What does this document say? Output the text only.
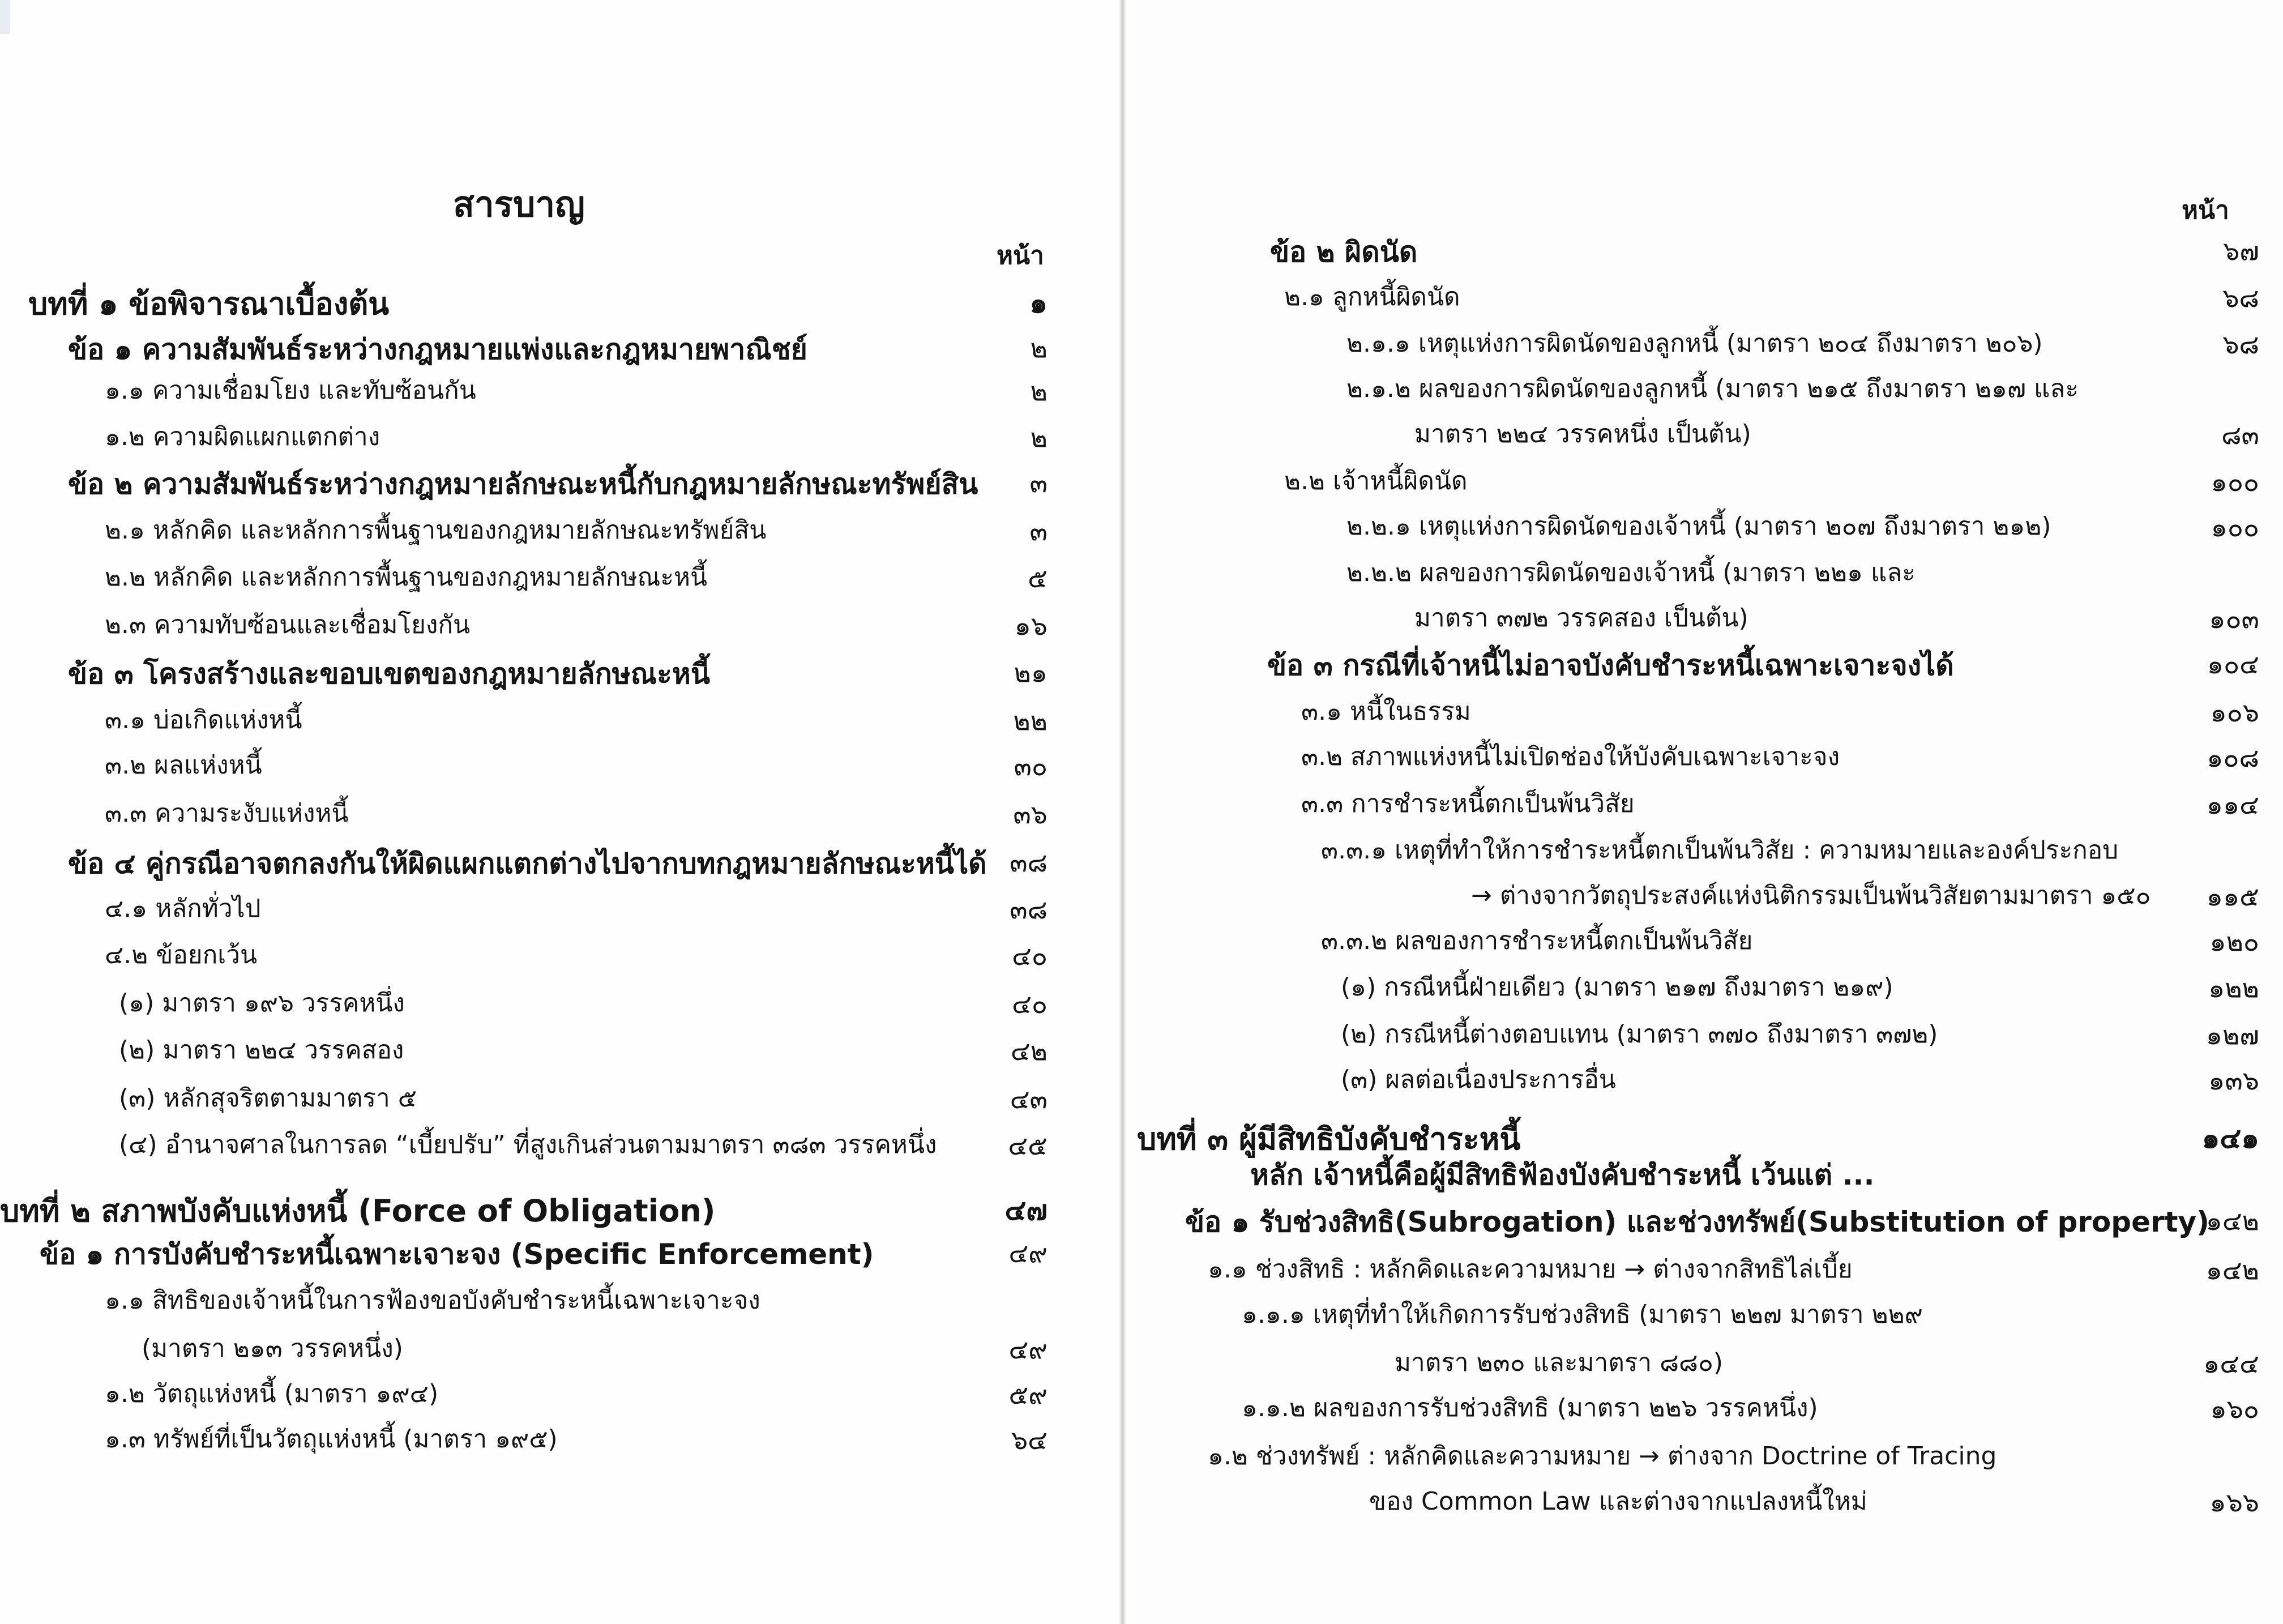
สารบาญ
หน้า
บทที่ ๑ ข้อพิจารณาเบื้องต้น	๑
ข้อ ๑ ความสัมพันธ์ระหว่างกฎหมายแพ่งและกฎหมายพาณิชย์	๒
๑.๑ ความเชื่อมโยง และทับซ้อนกัน	๒
๑.๒ ความผิดแผกแตกต่าง	๒
ข้อ ๒ ความสัมพันธ์ระหว่างกฎหมายลักษณะหนี้กับกฎหมายลักษณะทรัพย์สิน	๓
๒.๑ หลักคิด และหลักการพื้นฐานของกฎหมายลักษณะทรัพย์สิน	๓
๒.๒ หลักคิด และหลักการพื้นฐานของกฎหมายลักษณะหนี้	๕
๒.๓ ความทับซ้อนและเชื่อมโยงกัน	๑๖
ข้อ ๓ โครงสร้างและขอบเขตของกฎหมายลักษณะหนี้	๒๑
๓.๑ บ่อเกิดแห่งหนี้	๒๒
๓.๒ ผลแห่งหนี้	๓๐
๓.๓ ความระงับแห่งหนี้	๓๖
ข้อ ๔ คู่กรณีอาจตกลงกันให้ผิดแผกแตกต่างไปจากบทกฎหมายลักษณะหนี้ได้ ๓๘
๔.๑ หลักทั่วไป	๓๘
๔.๒ ข้อยกเว้น	๔๐
(๑) มาตรา ๑๙๖ วรรคหนึ่ง	๔๐
(๒) มาตรา ๒๒๔ วรรคสอง	๔๒
(๓) หลักสุจริตตามมาตรา ๕	๔๓
(๔) อำนาจศาลในการลด “เบี้ยปรับ” ที่สูงเกินส่วนตามมาตรา ๓๘๓ วรรคหนึ่ง	๔๕
บทที่ ๒ สภาพบังคับแห่งหนี้ (Force of Obligation)	๔๗
ข้อ ๑ การบังคับชำระหนี้เฉพาะเจาะจง (Specific Enforcement)	๔๙
๑.๑ สิทธิของเจ้าหนี้ในการฟ้องขอบังคับชำระหนี้เฉพาะเจาะจง
(มาตรา ๒๑๓ วรรคหนึ่ง)	๔๙
๑.๒ วัตถุแห่งหนี้ (มาตรา ๑๙๔)	๕๙
๑.๓ ทรัพย์ที่เป็นวัตถุแห่งหนี้ (มาตรา ๑๙๕)	๖๔
หน้า
ข้อ ๒ ผิดนัด	๖๗
๒.๑ ลูกหนี้ผิดนัด	๖๘
๒.๑.๑ เหตุแห่งการผิดนัดของลูกหนี้ (มาตรา ๒๐๔ ถึงมาตรา ๒๐๖)	๖๘
๒.๑.๒ ผลของการผิดนัดของลูกหนี้ (มาตรา ๒๑๕ ถึงมาตรา ๒๑๗ และ
มาตรา ๒๒๔ วรรคหนึ่ง เป็นต้น)	๘๓
๒.๒ เจ้าหนี้ผิดนัด	๑๐๐
๒.๒.๑ เหตุแห่งการผิดนัดของเจ้าหนี้ (มาตรา ๒๐๗ ถึงมาตรา ๒๑๒)	๑๐๐
๒.๒.๒ ผลของการผิดนัดของเจ้าหนี้ (มาตรา ๒๒๑ และ
มาตรา ๓๗๒ วรรคสอง เป็นต้น)	๑๐๓
ข้อ ๓ กรณีที่เจ้าหนี้ไม่อาจบังคับชำระหนี้เฉพาะเจาะจงได้	๑๐๔
๓.๑ หนี้ในธรรม	๑๐๖
๓.๒ สภาพแห่งหนี้ไม่เปิดช่องให้บังคับเฉพาะเจาะจง	๑๐๘
๓.๓ การชำระหนี้ตกเป็นพ้นวิสัย	๑๑๔
๓.๓.๑ เหตุที่ทำให้การชำระหนี้ตกเป็นพ้นวิสัย : ความหมายและองค์ประกอบ
→ ต่างจากวัตถุประสงค์แห่งนิติกรรมเป็นพ้นวิสัยตามมาตรา ๑๕๐	๑๑๕
๓.๓.๒ ผลของการชำระหนี้ตกเป็นพ้นวิสัย	๑๒๐
(๑) กรณีหนี้ฝ่ายเดียว (มาตรา ๒๑๗ ถึงมาตรา ๒๑๙)	๑๒๒
(๒) กรณีหนี้ต่างตอบแทน (มาตรา ๓๗๐ ถึงมาตรา ๓๗๒)	๑๒๗
(๓) ผลต่อเนื่องประการอื่น	๑๓๖
บทที่ ๓ ผู้มีสิทธิบังคับชำระหนี้	๑๔๑
หลัก เจ้าหนี้คือผู้มีสิทธิฟ้องบังคับชำระหนี้ เว้นแต่ ...
ข้อ ๑ รับช่วงสิทธิ(Subrogation) และช่วงทรัพย์(Substitution of property)
๑๔๒
๑.๑ ช่วงสิทธิ : หลักคิดและความหมาย → ต่างจากสิทธิไล่เบี้ย	๑๔๒
๑.๑.๑ เหตุที่ทำให้เกิดการรับช่วงสิทธิ (มาตรา ๒๒๗ มาตรา ๒๒๙
มาตรา ๒๓๐ และมาตรา ๘๘๐)	๑๔๔
๑.๑.๒ ผลของการรับช่วงสิทธิ (มาตรา ๒๒๖ วรรคหนึ่ง)	๑๖๐
๑.๒ ช่วงทรัพย์ : หลักคิดและความหมาย → ต่างจาก Doctrine of Tracing
ของ Common Law และต่างจากแปลงหนี้ใหม่	๑๖๖
